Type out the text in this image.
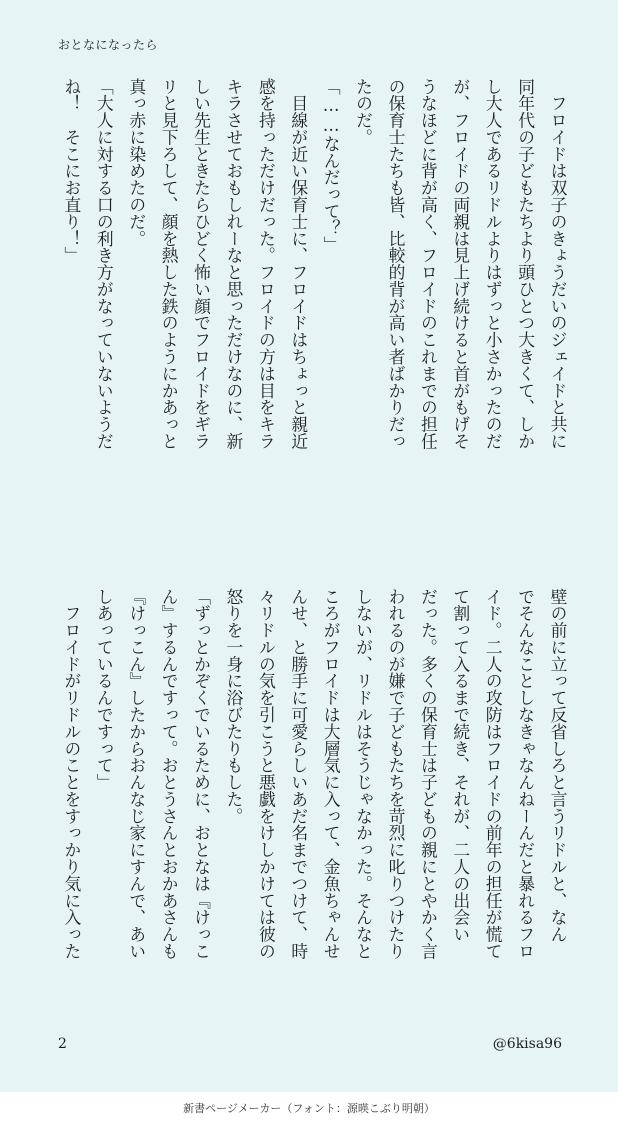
おとなになったら

　フロイドは双子のきょうだいのジェイドと共に

同年代の子どもたちより頭ひとつ大きくて、しか

し大人であるリドルよりはずっと小さかったのだ

が、フロイドの両親は見上げ続けると首がもげそ

うなほどに背が高く、フロイドのこれまでの担任

の保育士たちも皆、比較的背が高い者ばかりだっ

たのだ。

「……なんだって？」

　目線が近い保育士に、フロイドはちょっと親近

感を持っただけだった。フロイドの方は目をキラ

キラさせておもしれーなと思っただけなのに、新

しい先生ときたらひどく怖い顔でフロイドをギラ

リと見下ろして、顔を熱した鉄のようにかあっと

真っ赤に染めたのだ。

「大人に対する口の利き方がなっていないようだ

ね！　そこにお直り！」

壁の前に立って反省しろと言うリドルと、なん

でそんなことしなきゃなんねーんだと暴れるフロ

イド。二人の攻防はフロイドの前年の担任が慌て

て割って入るまで続き、それが、二人の出会い

だった。多くの保育士は子どもの親にとやかく言

われるのが嫌で子どもたちを苛烈に叱りつけたり

しないが、リドルはそうじゃなかった。そんなと

ころがフロイドは大層気に入って、金魚ちゃんせ

んせ、と勝手に可愛らしいあだ名までつけて、時

々リドルの気を引こうと悪戯をけしかけては彼の

怒りを一身に浴びたりもした。

「ずっとかぞくでいるために、おとなは『けっこ

ん』するんですって。おとうさんとおかあさんも

『けっこん』したからおんなじ家にすんで、あい

しあっているんですって」

　フロイドがリドルのことをすっかり気に入った

2	@6kisa96
新書ページメーカー（フォント：源暎こぶり明朝）
